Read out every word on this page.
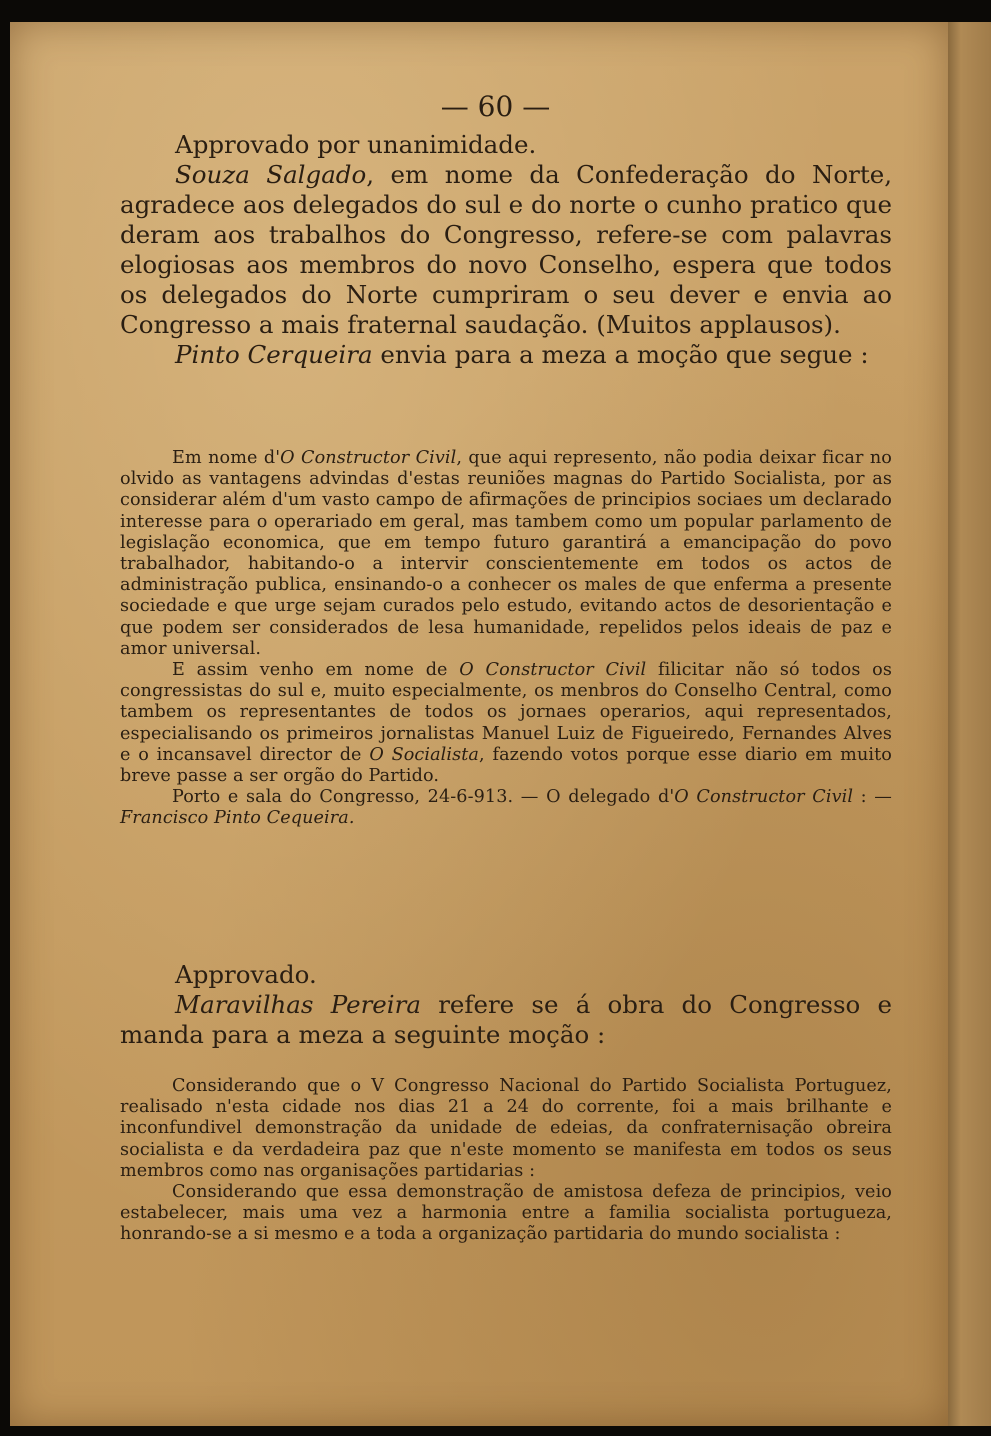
— 60 —

Approvado por unanimidade.

Souza Salgado, em nome da Confederação do Norte, agradece aos delegados do sul e do norte o cunho pratico que deram aos trabalhos do Congresso, refere-se com palavras elogiosas aos membros do novo Conselho, espera que todos os delegados do Norte cumpriram o seu dever e envia ao Congresso a mais fraternal saudação. (Muitos applausos).

Pinto Cerqueira envia para a meza a moção que segue :

Em nome d'O Constructor Civil, que aqui represento, não podia deixar ficar no olvido as vantagens advindas d'estas reuniões magnas do Partido Socialista, por as considerar além d'um vasto campo de afirmações de principios sociaes um declarado interesse para o operariado em geral, mas tambem como um popular parlamento de legislação economica, que em tempo futuro garantirá a emancipação do povo trabalhador, habitando-o a intervir conscientemente em todos os actos de administração publica, ensinando-o a conhecer os males de que enferma a presente sociedade e que urge sejam curados pelo estudo, evitando actos de desorientação e que podem ser considerados de lesa humanidade, repelidos pelos ideais de paz e amor universal.

E assim venho em nome de O Constructor Civil filicitar não só todos os congressistas do sul e, muito especialmente, os menbros do Conselho Central, como tambem os representantes de todos os jornaes operarios, aqui representados, especialisando os primeiros jornalistas Manuel Luiz de Figueiredo, Fernandes Alves e o incansavel director de O Socialista, fazendo votos porque esse diario em muito breve passe a ser orgão do Partido.

Porto e sala do Congresso, 24-6-913. — O delegado d'O Constructor Civil : — Francisco Pinto Cequeira.

Approvado.

Maravilhas Pereira refere se á obra do Congresso e manda para a meza a seguinte moção :

Considerando que o V Congresso Nacional do Partido Socialista Portuguez, realisado n'esta cidade nos dias 21 a 24 do corrente, foi a mais brilhante e inconfundivel demonstração da unidade de edeias, da confraternisação obreira socialista e da verdadeira paz que n'este momento se manifesta em todos os seus membros como nas organisações partidarias :

Considerando que essa demonstração de amistosa defeza de principios, veio estabelecer, mais uma vez a harmonia entre a familia socialista portugueza, honrando-se a si mesmo e a toda a organização partidaria do mundo socialista :
